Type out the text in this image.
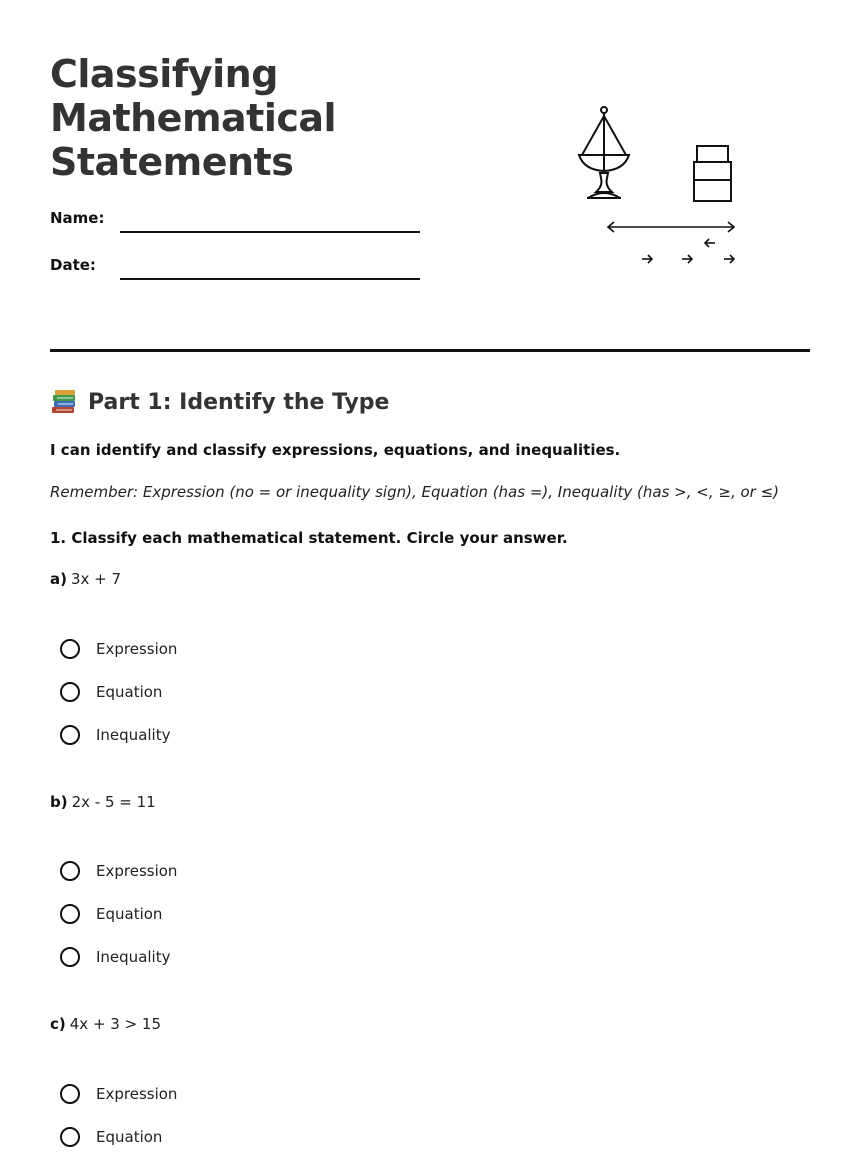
Classifying
Mathematical
Statements
Name:
Date:
Part 1: Identify the Type
I can identify and classify expressions, equations, and inequalities.
Remember: Expression (no = or inequality sign), Equation (has =), Inequality (has >, <, ≥, or ≤)
1. Classify each mathematical statement. Circle your answer.
a) 3x + 7
Expression
Equation
Inequality
b) 2x - 5 = 11
Expression
Equation
Inequality
c) 4x + 3 > 15
Expression
Equation
